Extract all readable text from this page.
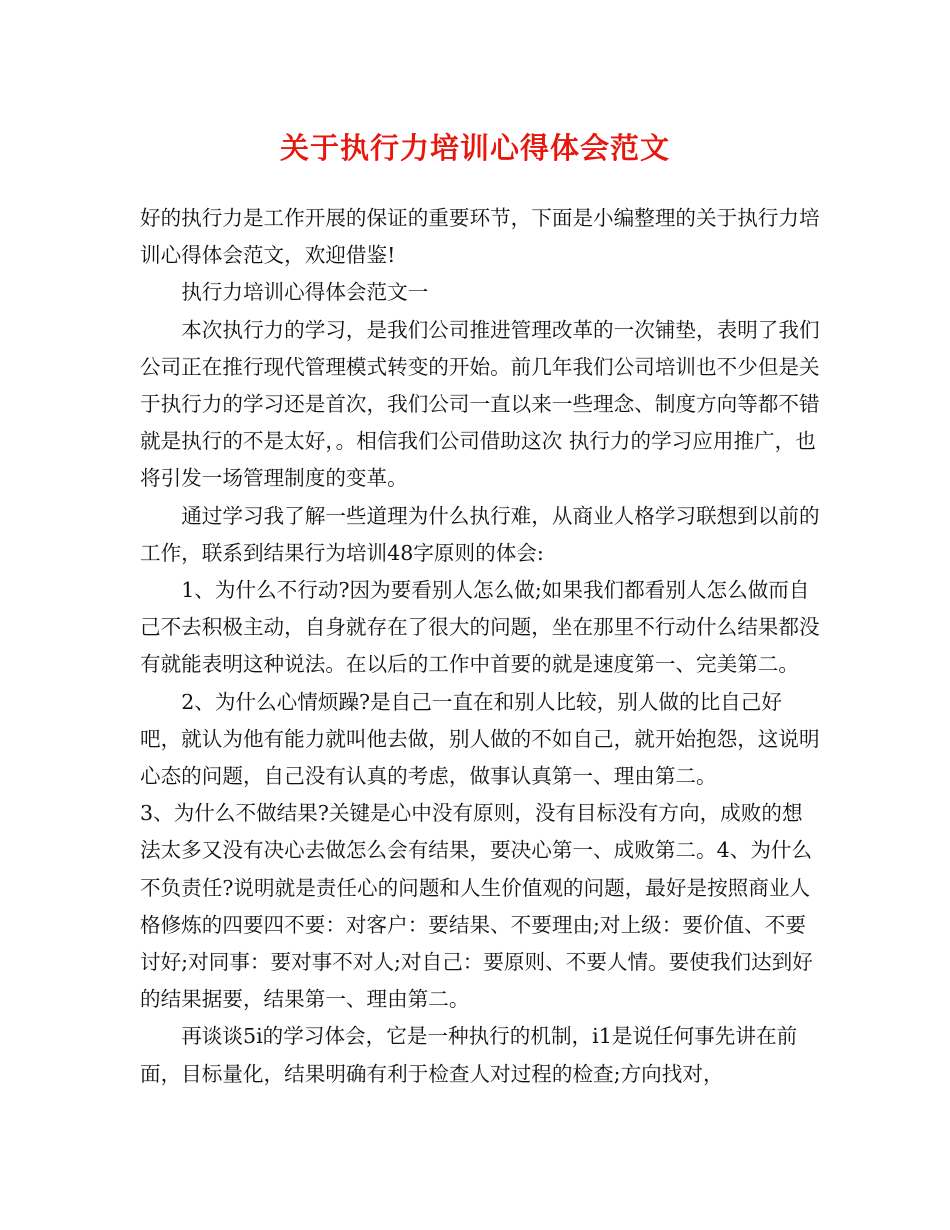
关于执行力培训心得体会范文

好的执行力是工作开展的保证的重要环节，下面是小编整理的关于执行力培训心得体会范文，欢迎借鉴!

执行力培训心得体会范文一

本次执行力的学习，是我们公司推进管理改革的一次铺垫，表明了我们公司正在推行现代管理模式转变的开始。前几年我们公司培训也不少但是关于执行力的学习还是首次，我们公司一直以来一些理念、制度方向等都不错就是执行的不是太好，。相信我们公司借助这次 执行力的学习应用推广，也将引发一场管理制度的变革。

通过学习我了解一些道理为什么执行难，从商业人格学习联想到以前的工作，联系到结果行为培训48字原则的体会:

1、为什么不行动?因为要看别人怎么做;如果我们都看别人怎么做而自己不去积极主动，自身就存在了很大的问题，坐在那里不行动什么结果都没有就能表明这种说法。在以后的工作中首要的就是速度第一、完美第二。

2、为什么心情烦躁?是自己一直在和别人比较，别人做的比自己好吧，就认为他有能力就叫他去做，别人做的不如自己，就开始抱怨，这说明心态的问题，自己没有认真的考虑，做事认真第一、理由第二。

3、为什么不做结果?关键是心中没有原则，没有目标没有方向，成败的想法太多又没有决心去做怎么会有结果，要决心第一、成败第二。4、为什么不负责任?说明就是责任心的问题和人生价值观的问题，最好是按照商业人格修炼的四要四不要：对客户：要结果、不要理由;对上级：要价值、不要讨好;对同事：要对事不对人;对自己：要原则、不要人情。要使我们达到好的结果据要，结果第一、理由第二。

再谈谈5i的学习体会，它是一种执行的机制，i1是说任何事先讲在前面，目标量化，结果明确有利于检查人对过程的检查;方向找对，
